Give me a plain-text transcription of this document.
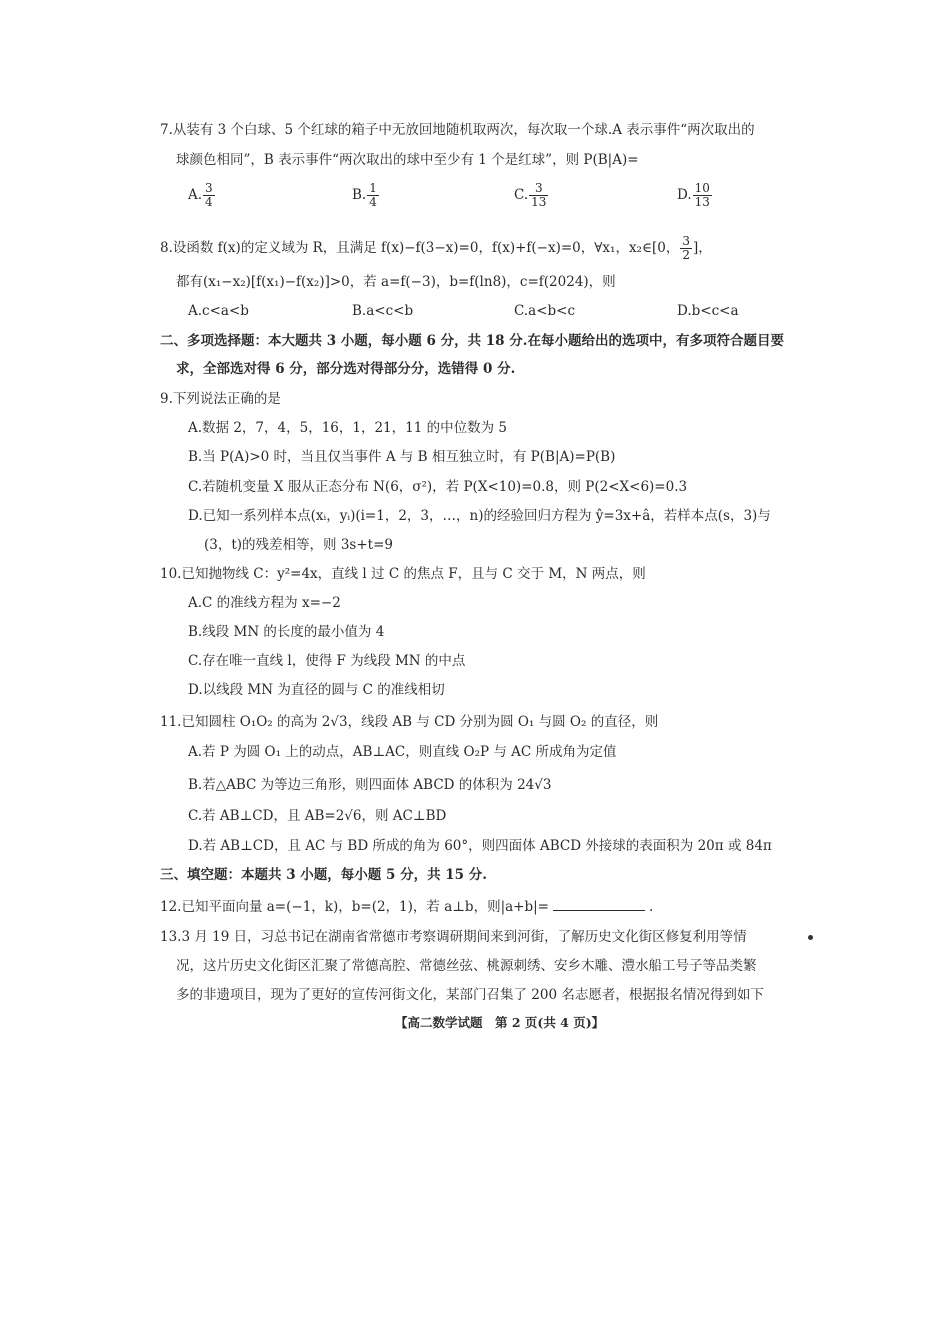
7.从装有 3 个白球、5 个红球的箱子中无放回地随机取两次，每次取一个球.A 表示事件“两次取出的
球颜色相同”，B 表示事件“两次取出的球中至少有 1 个是红球”，则 P(B|A)=
A. $\frac{3}{4}$	B. $\frac{1}{4}$	C. $\frac{3}{13}$	D. $\frac{10}{13}$
8.设函数 f(x)的定义域为 R，且满足 f(x)−f(3−x)=0，f(x)+f(−x)=0，∀x₁，x₂∈[0， $\frac{3}{2}$ ]，
都有(x₁−x₂)[f(x₁)−f(x₂)]>0，若 a=f(−3)，b=f(ln8)，c=f(2024)，则
A.c<a<b	B.a<c<b	C.a<b<c	D.b<c<a
二、多项选择题：本大题共 3 小题，每小题 6 分，共 18 分.在每小题给出的选项中，有多项符合题目要
求，全部选对得 6 分，部分选对得部分分，选错得 0 分.
9.下列说法正确的是
A.数据 2，7，4，5，16，1，21，11 的中位数为 5
B.当 P(A)>0 时，当且仅当事件 A 与 B 相互独立时，有 P(B|A)=P(B)
C.若随机变量 X 服从正态分布 N(6，σ²)，若 P(X<10)=0.8，则 P(2<X<6)=0.3
D.已知一系列样本点(xᵢ，yᵢ)(i=1，2，3，…，n)的经验回归方程为 ŷ=3x+â，若样本点(s，3)与
(3，t)的残差相等，则 3s+t=9
10.已知抛物线 C：y²=4x，直线 l 过 C 的焦点 F，且与 C 交于 M，N 两点，则
A.C 的准线方程为 x=−2
B.线段 MN 的长度的最小值为 4
C.存在唯一直线 l，使得 F 为线段 MN 的中点
D.以线段 MN 为直径的圆与 C 的准线相切
11.已知圆柱 O₁O₂ 的高为 2√3，线段 AB 与 CD 分别为圆 O₁ 与圆 O₂ 的直径，则
A.若 P 为圆 O₁ 上的动点，AB⊥AC，则直线 O₂P 与 AC 所成角为定值
B.若△ABC 为等边三角形，则四面体 ABCD 的体积为 24√3
C.若 AB⊥CD，且 AB=2√6，则 AC⊥BD
D.若 AB⊥CD，且 AC 与 BD 所成的角为 60°，则四面体 ABCD 外接球的表面积为 20π 或 84π
三、填空题：本题共 3 小题，每小题 5 分，共 15 分.
12.已知平面向量 a=(−1，k)，b=(2，1)，若 a⊥b，则|a+b|=	.
13.3 月 19 日，习总书记在湖南省常德市考察调研期间来到河街，了解历史文化街区修复利用等情
况，这片历史文化街区汇聚了常德高腔、常德丝弦、桃源刺绣、安乡木雕、澧水船工号子等品类繁
多的非遗项目，现为了更好的宣传河街文化，某部门召集了 200 名志愿者，根据报名情况得到如下
【高二数学试题　第 2 页(共 4 页)】
